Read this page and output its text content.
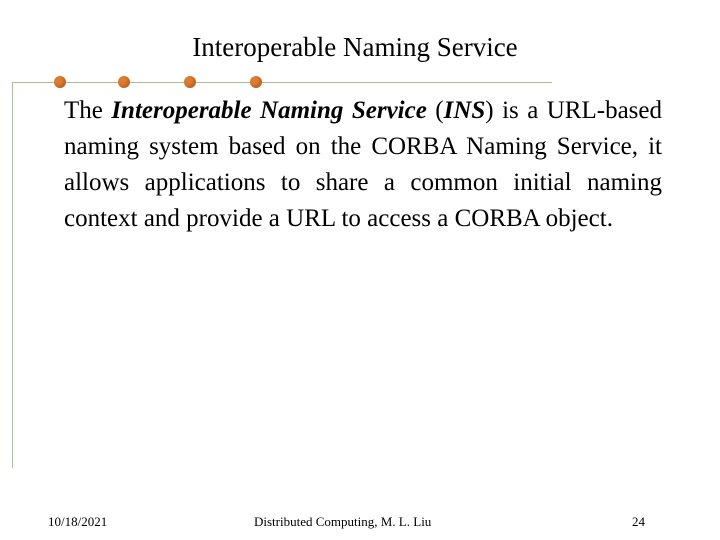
Interoperable Naming Service
The Interoperable Naming Service (INS) is a URL-based naming system based on the CORBA Naming Service, it allows applications to share a common initial naming context and provide a URL to access a CORBA object.
10/18/2021	Distributed Computing, M. L. Liu	24
